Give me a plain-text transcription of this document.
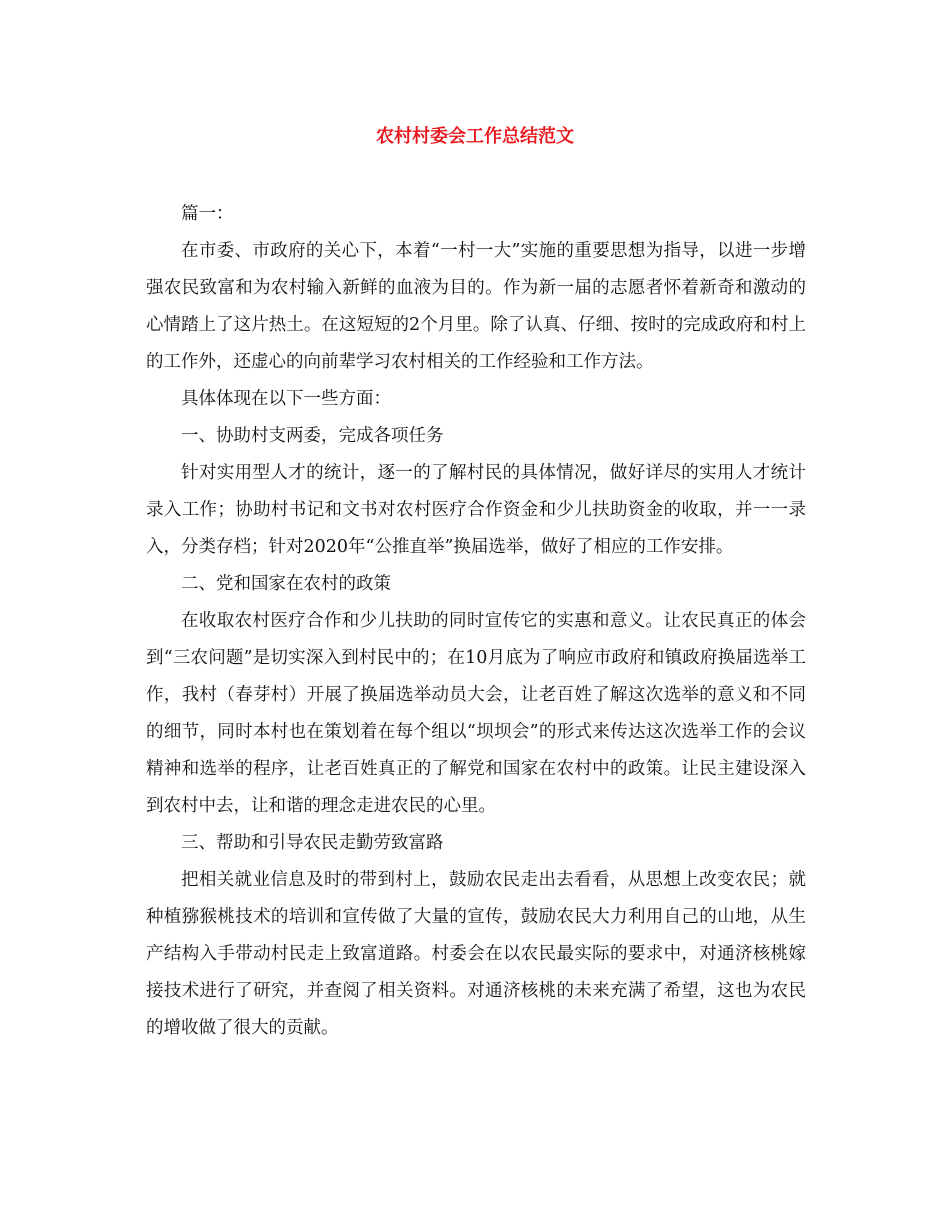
农村村委会工作总结范文

篇一：

在市委、市政府的关心下，本着“一村一大”实施的重要思想为指导，以进一步增强农民致富和为农村输入新鲜的血液为目的。作为新一届的志愿者怀着新奇和激动的心情踏上了这片热土。在这短短的2个月里。除了认真、仔细、按时的完成政府和村上的工作外，还虚心的向前辈学习农村相关的工作经验和工作方法。

具体体现在以下一些方面：

一、协助村支两委，完成各项任务

针对实用型人才的统计，逐一的了解村民的具体情况，做好详尽的实用人才统计录入工作；协助村书记和文书对农村医疗合作资金和少儿扶助资金的收取，并一一录入，分类存档；针对2020年“公推直举”换届选举，做好了相应的工作安排。

二、党和国家在农村的政策

在收取农村医疗合作和少儿扶助的同时宣传它的实惠和意义。让农民真正的体会到“三农问题”是切实深入到村民中的；在10月底为了响应市政府和镇政府换届选举工作，我村（春芽村）开展了换届选举动员大会，让老百姓了解这次选举的意义和不同的细节，同时本村也在策划着在每个组以“坝坝会”的形式来传达这次选举工作的会议精神和选举的程序，让老百姓真正的了解党和国家在农村中的政策。让民主建设深入到农村中去，让和谐的理念走进农民的心里。

三、帮助和引导农民走勤劳致富路

把相关就业信息及时的带到村上，鼓励农民走出去看看，从思想上改变农民；就种植猕猴桃技术的培训和宣传做了大量的宣传，鼓励农民大力利用自己的山地，从生产结构入手带动村民走上致富道路。村委会在以农民最实际的要求中，对通济核桃嫁接技术进行了研究，并查阅了相关资料。对通济核桃的未来充满了希望，这也为农民的增收做了很大的贡献。
